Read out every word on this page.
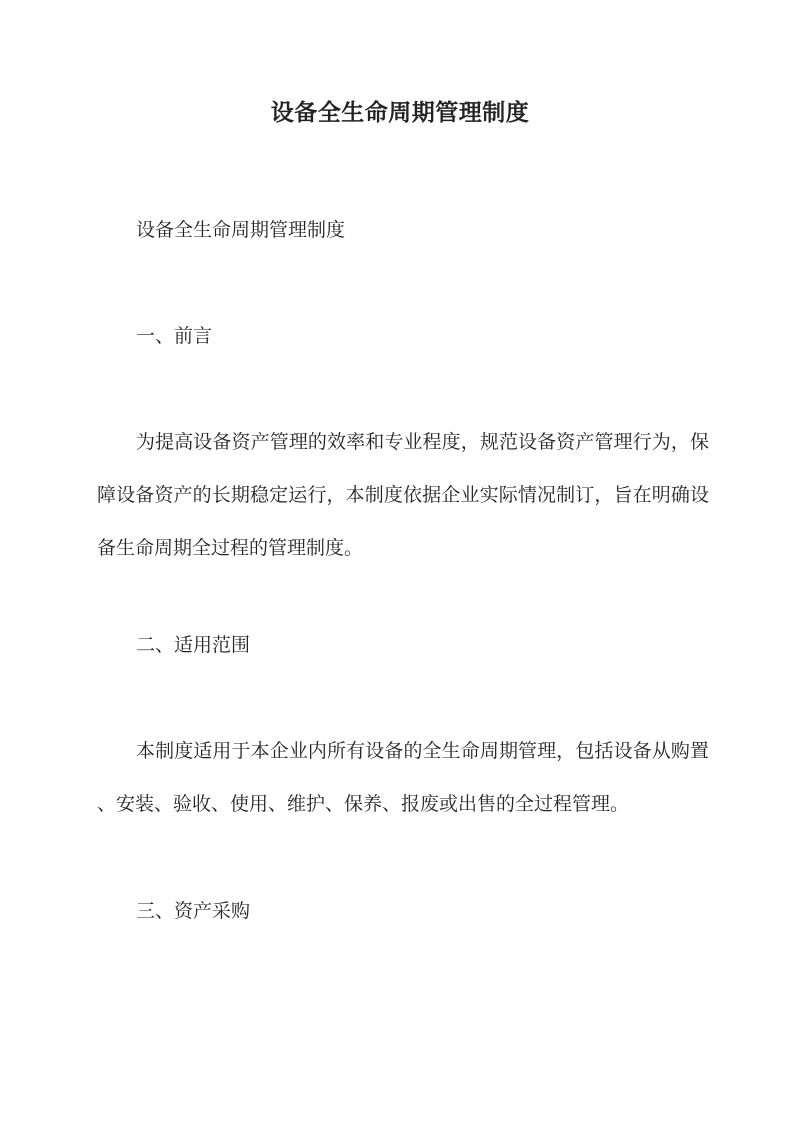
设备全生命周期管理制度

设备全生命周期管理制度

一、前言

为提高设备资产管理的效率和专业程度，规范设备资产管理行为，保

障设备资产的长期稳定运行，本制度依据企业实际情况制订，旨在明确设

备生命周期全过程的管理制度。

二、适用范围

本制度适用于本企业内所有设备的全生命周期管理，包括设备从购置

、安装、验收、使用、维护、保养、报废或出售的全过程管理。

三、资产采购
